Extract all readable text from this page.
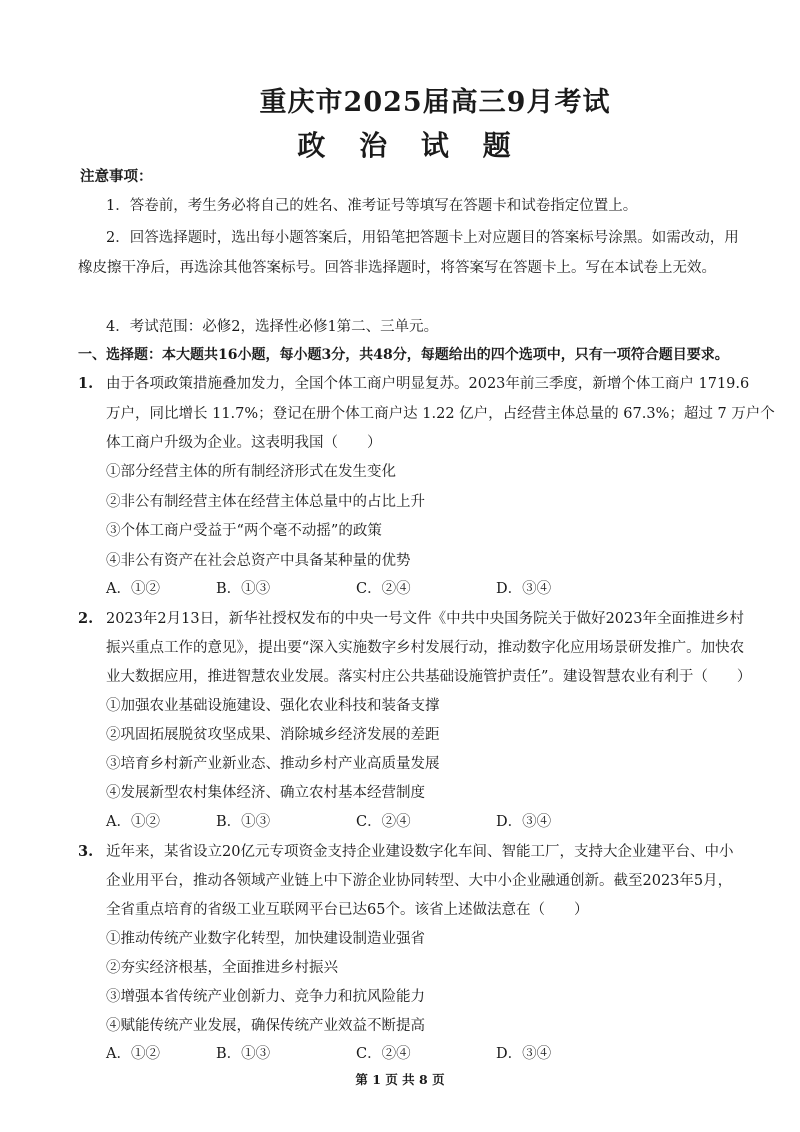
重庆市2025届高三9月考试
政 治 试 题
注意事项：
1．答卷前，考生务必将自己的姓名、准考证号等填写在答题卡和试卷指定位置上。
2．回答选择题时，选出每小题答案后，用铅笔把答题卡上对应题目的答案标号涂黑。如需改动，用
橡皮擦干净后，再选涂其他答案标号。回答非选择题时，将答案写在答题卡上。写在本试卷上无效。
4．考试范围：必修2，选择性必修1第二、三单元。
一、选择题：本大题共16小题，每小题3分，共48分，每题给出的四个选项中，只有一项符合题目要求。
1. 由于各项政策措施叠加发力，全国个体工商户明显复苏。2023年前三季度，新增个体工商户 1719.6
万户，同比增长 11.7%；登记在册个体工商户达 1.22 亿户，占经营主体总量的 67.3%；超过 7 万户个
体工商户升级为企业。这表明我国（　　）
①部分经营主体的所有制经济形式在发生变化
②非公有制经营主体在经营主体总量中的占比上升
③个体工商户受益于“两个毫不动摇”的政策
④非公有资产在社会总资产中具备某种量的优势
A．①②	B．①③	C．②④	D．③④
2. 2023年2月13日，新华社授权发布的中央一号文件《中共中央国务院关于做好2023年全面推进乡村
振兴重点工作的意见》，提出要“深入实施数字乡村发展行动，推动数字化应用场景研发推广。加快农
业大数据应用，推进智慧农业发展。落实村庄公共基础设施管护责任”。建设智慧农业有利于（　　）
①加强农业基础设施建设、强化农业科技和装备支撑
②巩固拓展脱贫攻坚成果、消除城乡经济发展的差距
③培育乡村新产业新业态、推动乡村产业高质量发展
④发展新型农村集体经济、确立农村基本经营制度
A．①②	B．①③	C．②④	D．③④
3. 近年来，某省设立20亿元专项资金支持企业建设数字化车间、智能工厂，支持大企业建平台、中小
企业用平台，推动各领域产业链上中下游企业协同转型、大中小企业融通创新。截至2023年5月，
全省重点培育的省级工业互联网平台已达65个。该省上述做法意在（　　）
①推动传统产业数字化转型，加快建设制造业强省
②夯实经济根基，全面推进乡村振兴
③增强本省传统产业创新力、竞争力和抗风险能力
④赋能传统产业发展，确保传统产业效益不断提高
A．①②	B．①③	C．②④	D．③④
第 1 页 共 8 页
